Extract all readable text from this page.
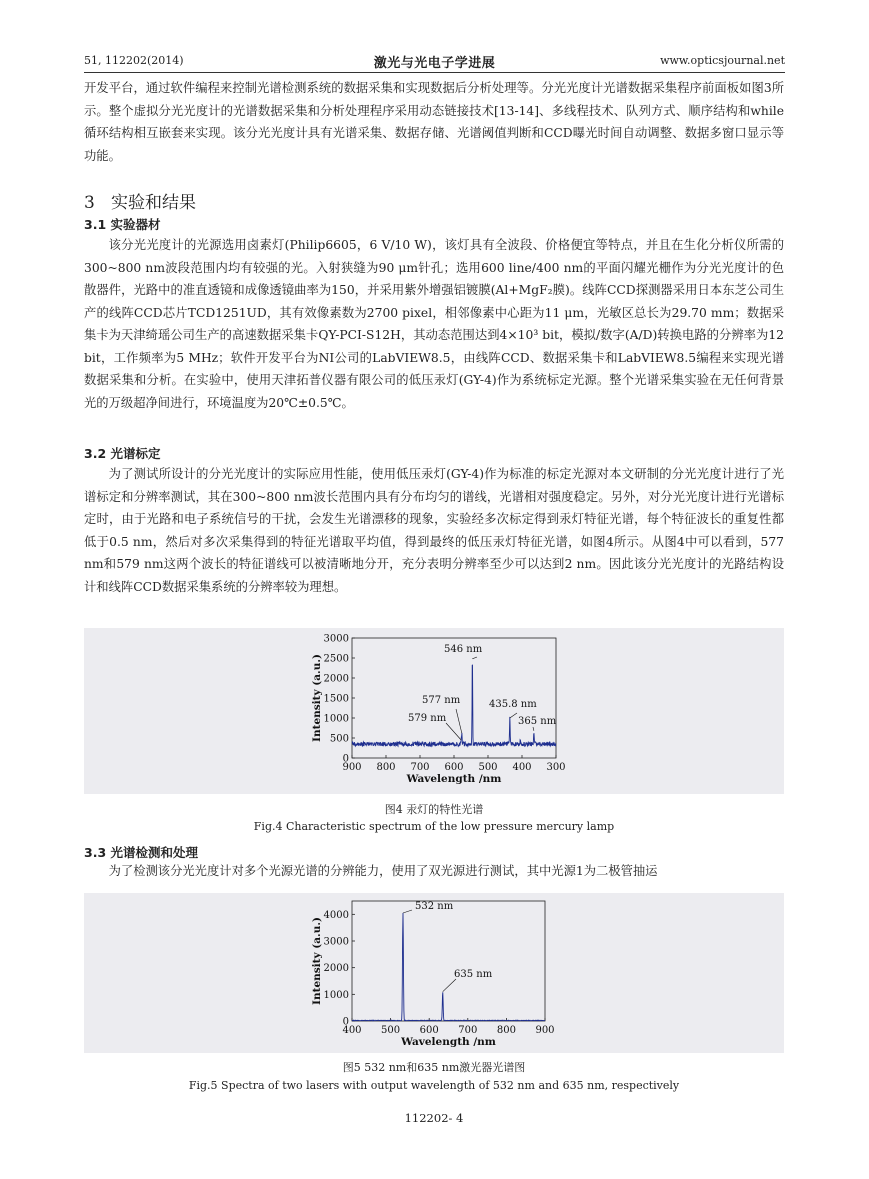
51, 112202(2014)	激光与光电子学进展	www.opticsjournal.net

开发平台，通过软件编程来控制光谱检测系统的数据采集和实现数据后分析处理等。分光光度计光谱数据采集程序前面板如图3所示。整个虚拟分光光度计的光谱数据采集和分析处理程序采用动态链接技术[13-14]、多线程技术、队列方式、顺序结构和while循环结构相互嵌套来实现。该分光光度计具有光谱采集、数据存储、光谱阈值判断和CCD曝光时间自动调整、数据多窗口显示等功能。

3 实验和结果
3.1 实验器材

该分光光度计的光源选用卤素灯(Philip6605，6 V/10 W)，该灯具有全波段、价格便宜等特点，并且在生化分析仪所需的300~800 nm波段范围内均有较强的光。入射狭缝为90 μm针孔；选用600 line/400 nm的平面闪耀光栅作为分光光度计的色散器件，光路中的准直透镜和成像透镜曲率为150，并采用紫外增强铝镀膜(Al+MgF₂膜)。线阵CCD探测器采用日本东芝公司生产的线阵CCD芯片TCD1251UD，其有效像素数为2700 pixel，相邻像素中心距为11 μm，光敏区总长为29.70 mm；数据采集卡为天津绮瑶公司生产的高速数据采集卡QY-PCI-S12H，其动态范围达到4×10³ bit，模拟/数字(A/D)转换电路的分辨率为12 bit，工作频率为5 MHz；软件开发平台为NI公司的LabVIEW8.5，由线阵CCD、数据采集卡和LabVIEW8.5编程来实现光谱数据采集和分析。在实验中，使用天津拓普仪器有限公司的低压汞灯(GY-4)作为系统标定光源。整个光谱采集实验在无任何背景光的万级超净间进行，环境温度为20℃±0.5℃。

3.2 光谱标定

为了测试所设计的分光光度计的实际应用性能，使用低压汞灯(GY-4)作为标准的标定光源对本文研制的分光光度计进行了光谱标定和分辨率测试，其在300~800 nm波长范围内具有分布均匀的谱线，光谱相对强度稳定。另外，对分光光度计进行光谱标定时，由于光路和电子系统信号的干扰，会发生光谱漂移的现象，实验经多次标定得到汞灯特征光谱，每个特征波长的重复性都低于0.5 nm，然后对多次采集得到的特征光谱取平均值，得到最终的低压汞灯特征光谱，如图4所示。从图4中可以看到，577 nm和579 nm这两个波长的特征谱线可以被清晰地分开，充分表明分辨率至少可以达到2 nm。因此该分光光度计的光路结构设计和线阵CCD数据采集系统的分辨率较为理想。

900 800 700 600 500 400 300
0
500
1000
1500
2000
2500
3000
Wavelength /nm
Intensity (a.u.)
546 nm
577 nm
579 nm
435.8 nm
365 nm
图4 汞灯的特性光谱
Fig.4 Characteristic spectrum of the low pressure mercury lamp
3.3 光谱检测和处理

为了检测该分光光度计对多个光源光谱的分辨能力，使用了双光源进行测试，其中光源1为二极管抽运

400 500 600 700 800 900
0
1000
2000
3000
4000
Wavelength /nm
Intensity (a.u.)
532 nm
635 nm
图5 532 nm和635 nm激光器光谱图
Fig.5 Spectra of two lasers with output wavelength of 532 nm and 635 nm, respectively
112202- 4
